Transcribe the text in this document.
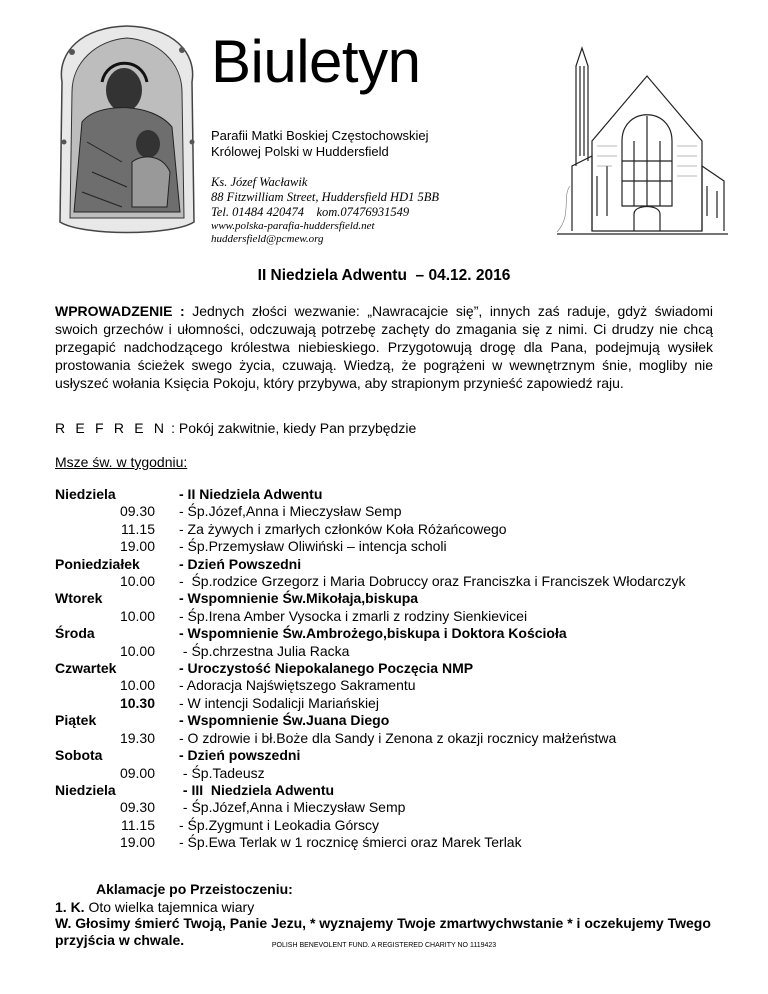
Biuletyn
Parafii Matki Boskiej Częstochowskiej
Królowej Polski w Huddersfield
Ks. Józef Wacławik
88 Fitzwilliam Street, Huddersfield HD1 5BB
Tel. 01484 420474    kom.07476931549
www.polska-parafia-huddersfield.net
huddersfield@pcmew.org
II Niedziela Adwentu  – 04.12. 2016
WPROWADZENIE : Jednych złości wezwanie: „Nawracajcie się”, innych zaś raduje, gdyż świadomi swoich grzechów i ułomności, odczuwają potrzebę zachęty do zmagania się z nimi. Ci drudzy nie chcą przegapić nadchodzącego królestwa niebieskiego. Przygotowują drogę dla Pana, podejmują wysiłek prostowania ścieżek swego życia, czuwają. Wiedzą, że pogrążeni w wewnętrznym śnie, mogliby nie usłyszeć wołania Księcia Pokoju, który przybywa, aby strapionym przynieść zapowiedź raju.
R E F R E N : Pokój zakwitnie, kiedy Pan przybędzie
Msze św. w tygodniu:
Niedziela	- II Niedziela Adwentu
09.30 - Śp.Józef,Anna i Mieczysław Semp
11.15 - Za żywych i zmarłych członków Koła Różańcowego
19.00 - Śp.Przemysław Oliwiński – intencja scholi
Poniedziałek	- Dzień Powszedni
10.00 -  Śp.rodzice Grzegorz i Maria Dobruccy oraz Franciszka i Franciszek Włodarczyk
Wtorek	- Wspomnienie Św.Mikołaja,biskupa
10.00 - Śp.Irena Amber Vysocka i zmarli z rodziny Sienkievicei
Środa	- Wspomnienie Św.Ambrożego,biskupa i Doktora Kościoła
10.00 - Śp.chrzestna Julia Racka
Czwartek	- Uroczystość Niepokalanego Poczęcia NMP
10.00 - Adoracja Najświętszego Sakramentu
10.30 - W intencji Sodalicji Mariańskiej
Piątek	- Wspomnienie Św.Juana Diego
19.30 - O zdrowie i bł.Boże dla Sandy i Zenona z okazji rocznicy małżeństwa
Sobota	- Dzień powszedni
09.00 - Śp.Tadeusz
Niedziela	- III  Niedziela Adwentu
09.30 - Śp.Józef,Anna i Mieczysław Semp
11.15 - Śp.Zygmunt i Leokadia Górscy
19.00 - Śp.Ewa Terlak w 1 rocznicę śmierci oraz Marek Terlak
Aklamacje po Przeistoczeniu:
1. K. Oto wielka tajemnica wiary
W. Głosimy śmierć Twoją, Panie Jezu, * wyznajemy Twoje zmartwychwstanie * i oczekujemy Twego przyjścia w chwale.	POLISH BENEVOLENT FUND. A REGISTERED CHARITY NO 1119423
